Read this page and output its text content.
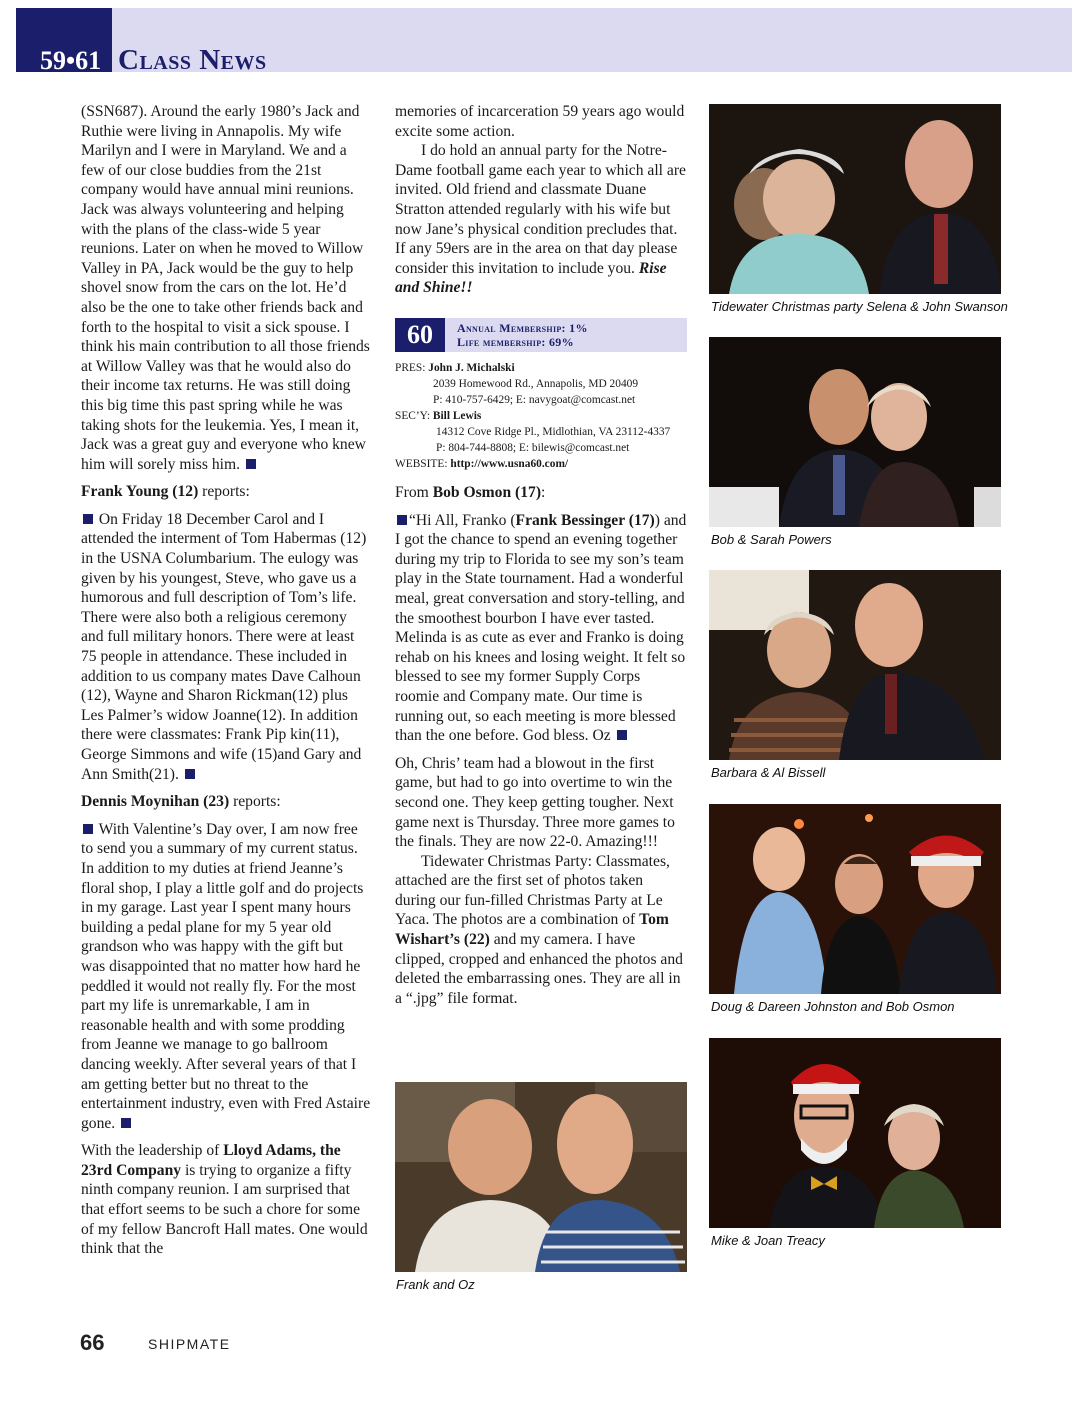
59•61 Class News

(SSN687). Around the early 1980’s Jack and Ruthie were living in Annapolis. My wife Marilyn and I were in Maryland. We and a few of our close buddies from the 21st company would have annual mini reunions. Jack was always volunteering and helping with the plans of the class-wide 5 year reunions. Later on when he moved to Willow Valley in PA, Jack would be the guy to help shovel snow from the cars on the lot. He’d also be the one to take other friends back and forth to the hospital to visit a sick spouse. I think his main contribution to all those friends at Willow Valley was that he would also do their income tax returns. He was still doing this big time this past spring while he was taking shots for the leukemia. Yes, I mean it, Jack was a great guy and everyone who knew him will sorely miss him.

Frank Young (12) reports:

On Friday 18 December Carol and I attended the interment of Tom Habermas (12) in the USNA Columbarium. The eulogy was given by his youngest, Steve, who gave us a humorous and full description of Tom’s life. There were also both a religious ceremony and full military honors. There were at least 75 people in attendance. These included in addition to us company mates Dave Calhoun (12), Wayne and Sharon Rickman(12) plus Les Palmer’s widow Joanne(12). In addition there were classmates: Frank Pip kin(11), George Simmons and wife (15)and Gary and Ann Smith(21).

Dennis Moynihan (23) reports:

With Valentine’s Day over, I am now free to send you a summary of my current status. In addition to my duties at friend Jeanne’s floral shop, I play a little golf and do projects in my garage. Last year I spent many hours building a pedal plane for my 5 year old grandson who was happy with the gift but was disappointed that no matter how hard he peddled it would not really fly. For the most part my life is unremarkable, I am in reasonable health and with some prodding from Jeanne we manage to go ballroom dancing weekly. After several years of that I am getting better but no threat to the entertainment industry, even with Fred Astaire gone.

With the leadership of Lloyd Adams, the 23rd Company is trying to organize a fifty ninth company reunion. I am surprised that that effort seems to be such a chore for some of my fellow Bancroft Hall mates. One would think that the

memories of incarceration 59 years ago would excite some action.

I do hold an annual party for the Notre-Dame football game each year to which all are invited. Old friend and classmate Duane Stratton attended regularly with his wife but now Jane’s physical condition precludes that. If any 59ers are in the area on that day please consider this invitation to include you. Rise and Shine!!

60	Annual Membership: 1%
Life membership: 69%
PRES: John J. Michalski
2039 Homewood Rd., Annapolis, MD 20409
P: 410-757-6429; E: navygoat@comcast.net
SEC’Y: Bill Lewis
14312 Cove Ridge Pl., Midlothian, VA 23112-4337
P: 804-744-8808; E: bilewis@comcast.net
WEBSITE: http://www.usna60.com/

From Bob Osmon (17):

“Hi All, Franko (Frank Bessinger (17)) and I got the chance to spend an evening together during my trip to Florida to see my son’s team play in the State tournament. Had a wonderful meal, great conversation and story-telling, and the smoothest bourbon I have ever tasted. Melinda is as cute as ever and Franko is doing rehab on his knees and losing weight. It felt so blessed to see my former Supply Corps roomie and Company mate. Our time is running out, so each meeting is more blessed than the one before. God bless. Oz

Oh, Chris’ team had a blowout in the first game, but had to go into overtime to win the second one. They keep getting tougher. Next game next is Thursday. Three more games to the finals. They are now 22-0. Amazing!!!

Tidewater Christmas Party: Classmates, attached are the first set of photos taken during our fun-filled Christmas Party at Le Yaca. The photos are a combination of Tom Wishart’s (22) and my camera. I have clipped, cropped and enhanced the photos and deleted the embarrassing ones. They are all in a “.jpg” file format.

Frank and Oz
Tidewater Christmas party Selena & John Swanson
Bob & Sarah Powers
Barbara & Al Bissell
Doug & Dareen Johnston and Bob Osmon
Mike & Joan Treacy
66	SHIPMATE
